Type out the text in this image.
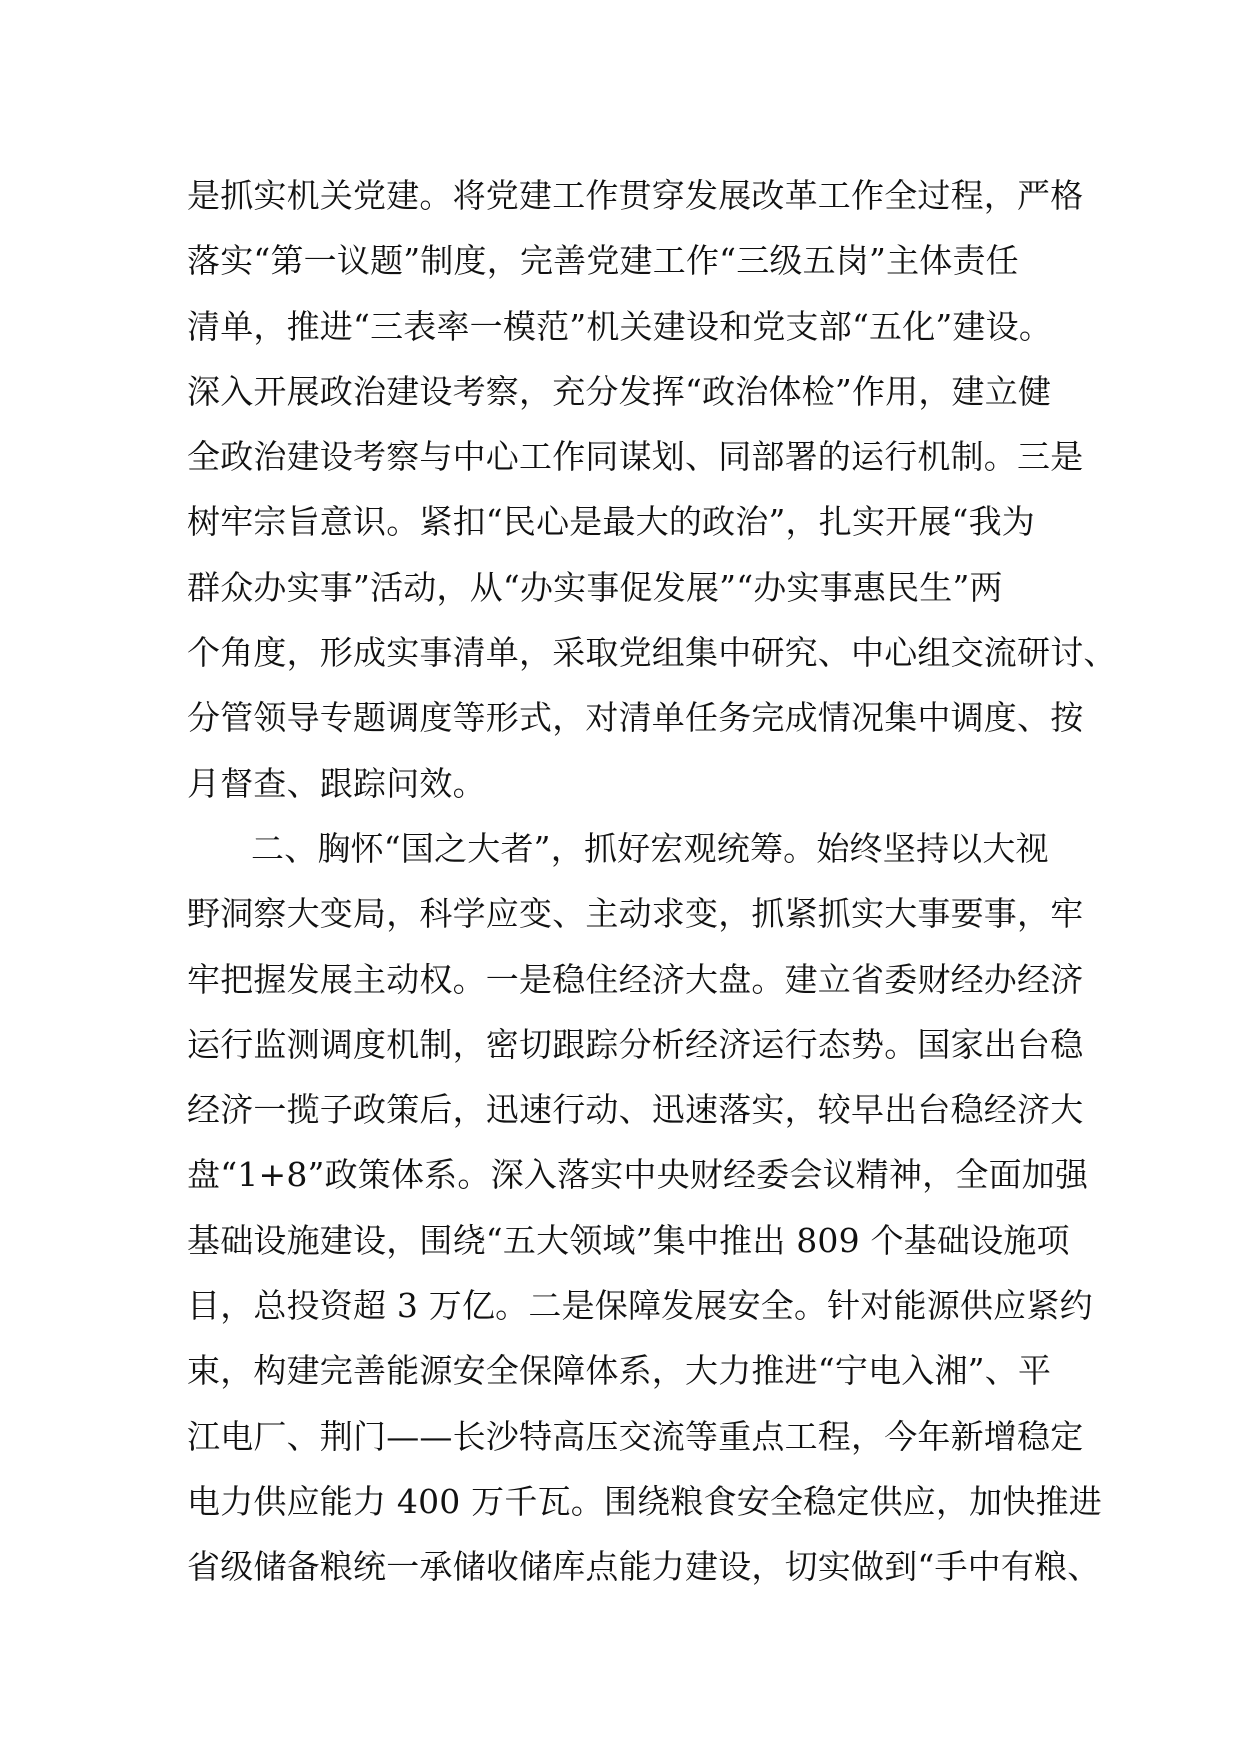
是抓实机关党建。将党建工作贯穿发展改革工作全过程，严格
落实“第一议题”制度，完善党建工作“三级五岗”主体责任
清单，推进“三表率一模范”机关建设和党支部“五化”建设。
深入开展政治建设考察，充分发挥“政治体检”作用，建立健
全政治建设考察与中心工作同谋划、同部署的运行机制。三是
树牢宗旨意识。紧扣“民心是最大的政治”，扎实开展“我为
群众办实事”活动，从“办实事促发展”“办实事惠民生”两
个角度，形成实事清单，采取党组集中研究、中心组交流研讨、
分管领导专题调度等形式，对清单任务完成情况集中调度、按
月督查、跟踪问效。
二、胸怀“国之大者”，抓好宏观统筹。始终坚持以大视
野洞察大变局，科学应变、主动求变，抓紧抓实大事要事，牢
牢把握发展主动权。一是稳住经济大盘。建立省委财经办经济
运行监测调度机制，密切跟踪分析经济运行态势。国家出台稳
经济一揽子政策后，迅速行动、迅速落实，较早出台稳经济大
盘“1+8”政策体系。深入落实中央财经委会议精神，全面加强
基础设施建设，围绕“五大领域”集中推出 809 个基础设施项
目，总投资超 3 万亿。二是保障发展安全。针对能源供应紧约
束，构建完善能源安全保障体系，大力推进“宁电入湘”、平
江电厂、荆门——长沙特高压交流等重点工程，今年新增稳定
电力供应能力 400 万千瓦。围绕粮食安全稳定供应，加快推进
省级储备粮统一承储收储库点能力建设，切实做到“手中有粮、
